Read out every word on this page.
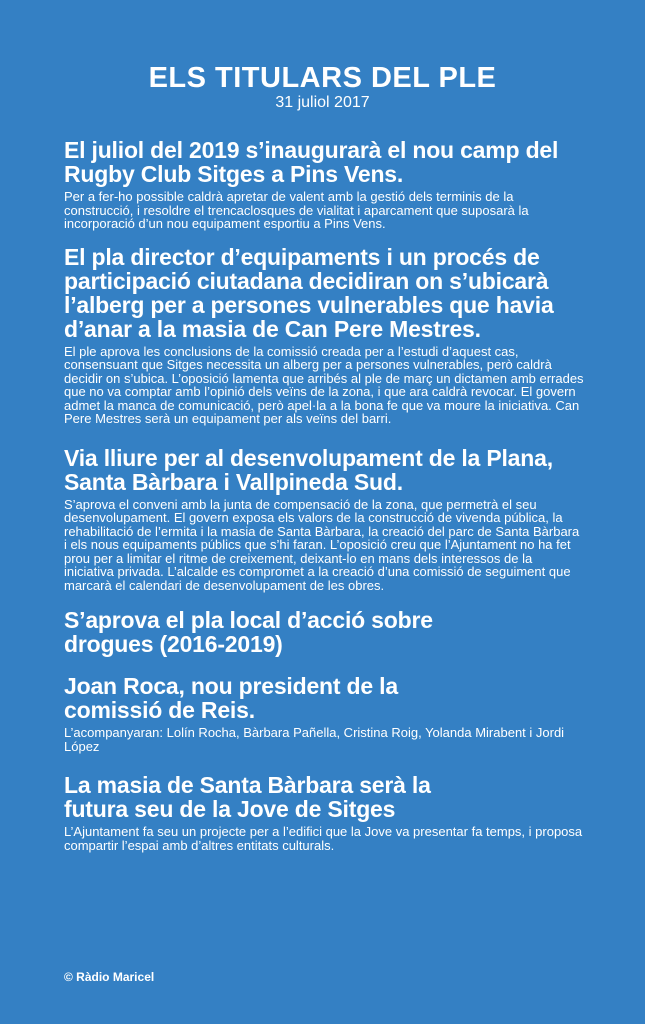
ELS TITULARS DEL PLE
31 juliol 2017
El juliol del 2019 s’inaugurarà el nou camp del Rugby Club Sitges a Pins Vens.

Per a fer-ho possible caldrà apretar de valent amb la gestió dels terminis de la construcció, i resoldre el trencaclosques de vialitat i aparcament que suposarà la incorporació d’un nou equipament esportiu a Pins Vens.

El pla director d’equipaments i un procés de participació ciutadana decidiran on s’ubicarà l’alberg per a persones vulnerables que havia d’anar a la masia de Can Pere Mestres.

El ple aprova les conclusions de la comissió creada per a l’estudi d’aquest cas, consensuant que Sitges necessita un alberg per a persones vulnerables, però caldrà decidir on s’ubica. L’oposició lamenta que arribés al ple de març un dictamen amb errades que no va comptar amb l’opinió dels veïns de la zona, i que ara caldrà revocar. El govern admet la manca de comunicació, però apel·la a la bona fe que va moure la iniciativa. Can Pere Mestres serà un equipament per als veïns del barri.

Via lliure per al desenvolupament de la Plana, Santa Bàrbara i Vallpineda Sud.

S’aprova el conveni amb la junta de compensació de la zona, que permetrà el seu desenvolupament. El govern exposa els valors de la construcció de vivenda pública, la rehabilitació de l’ermita i la masia de Santa Bàrbara, la creació del parc de Santa Bàrbara i els nous equipaments públics que s’hi faran. L’oposició creu que l’Ajuntament no ha fet prou per a limitar el ritme de creixement, deixant-lo en mans dels interessos de la iniciativa privada. L’alcalde es compromet a la creació d’una comissió de seguiment que marcarà el calendari de desenvolupament de les obres.

S’aprova el pla local d’acció sobre drogues (2016-2019)
Joan Roca, nou president de la comissió de Reis.

L’acompanyaran: Lolín Rocha, Bàrbara Pañella, Cristina Roig, Yolanda Mirabent i Jordi López

La masia de Santa Bàrbara serà la futura seu de la Jove de Sitges

L’Ajuntament fa seu un projecte per a l’edifici que la Jove va presentar fa temps, i proposa compartir l’espai amb d’altres entitats culturals.

© Ràdio Maricel
